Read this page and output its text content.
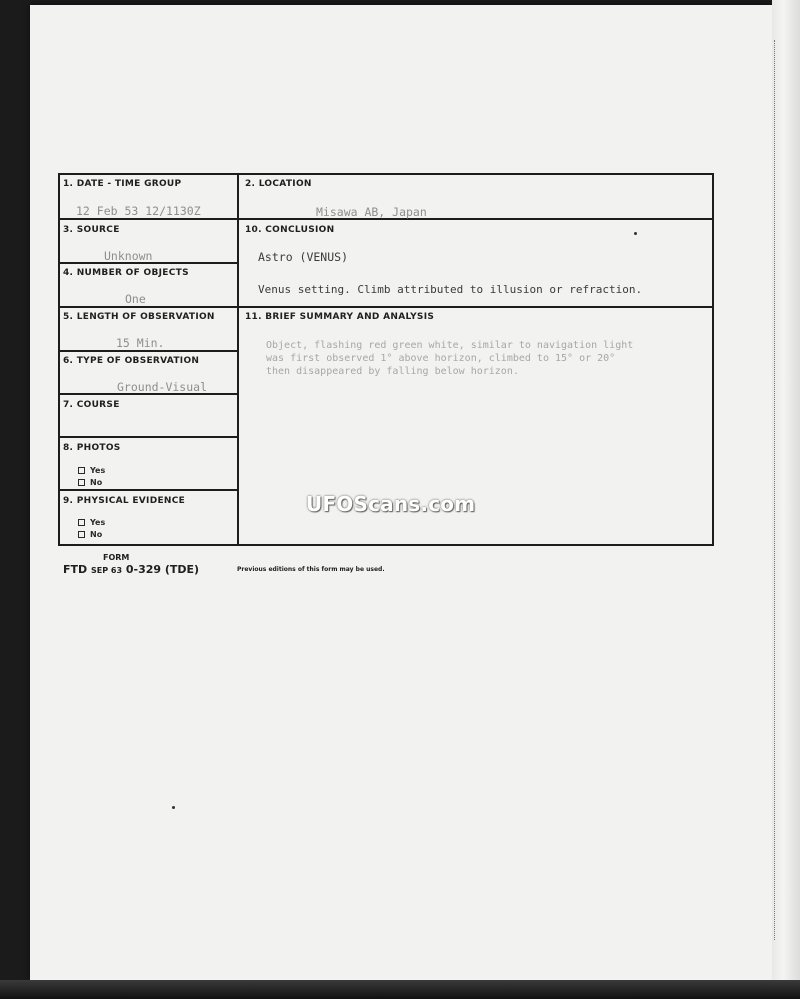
1. DATE - TIME GROUP
12 Feb 53 12/1130Z
2. LOCATION
Misawa AB, Japan
3. SOURCE
Unknown
4. NUMBER OF OBJECTS
One
5. LENGTH OF OBSERVATION
15 Min.
6. TYPE OF OBSERVATION
Ground-Visual
7. COURSE
8. PHOTOS
Yes
No
9. PHYSICAL EVIDENCE
Yes
No
10. CONCLUSION
Astro (VENUS)
Venus setting. Climb attributed to illusion or refraction.
11. BRIEF SUMMARY AND ANALYSIS
Object, flashing red green white, similar to navigation light
was first observed 1° above horizon, climbed to 15° or 20°
then disappeared by falling below horizon.
UFOScans.com
FORM
FTD SEP 63 0-329 (TDE)	Previous editions of this form may be used.
